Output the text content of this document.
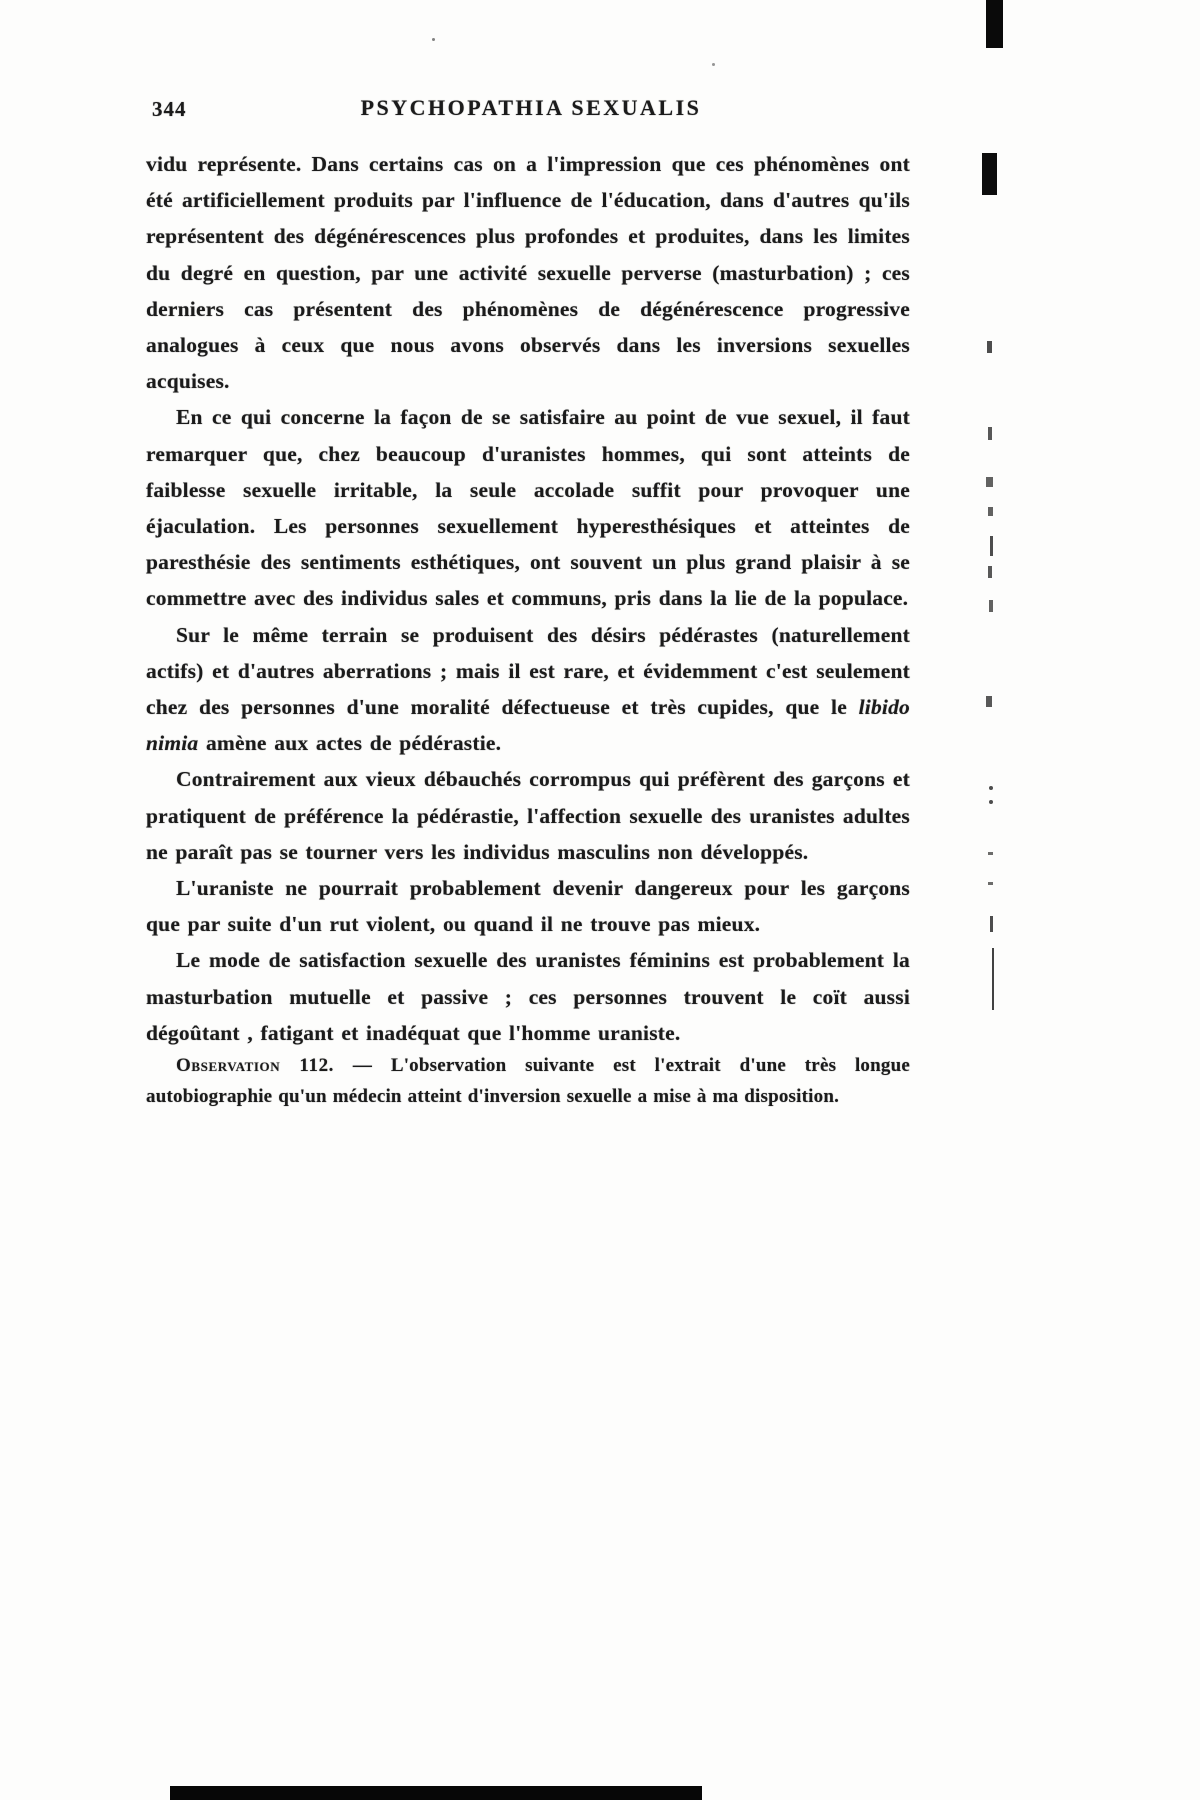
344	PSYCHOPATHIA SEXUALIS

vidu représente. Dans certains cas on a l'impression que ces phénomènes ont été artificiellement produits par l'influence de l'éducation, dans d'autres qu'ils représentent des dégénérescences plus profondes et produites, dans les limites du degré en question, par une activité sexuelle perverse (masturbation) ; ces derniers cas présentent des phénomènes de dégénérescence progressive analogues à ceux que nous avons observés dans les inversions sexuelles acquises.

En ce qui concerne la façon de se satisfaire au point de vue sexuel, il faut remarquer que, chez beaucoup d'uranistes hommes, qui sont atteints de faiblesse sexuelle irritable, la seule accolade suffit pour provoquer une éjaculation. Les personnes sexuellement hyperesthésiques et atteintes de paresthésie des sentiments esthétiques, ont souvent un plus grand plaisir à se commettre avec des individus sales et communs, pris dans la lie de la populace.

Sur le même terrain se produisent des désirs pédérastes (naturellement actifs) et d'autres aberrations ; mais il est rare, et évidemment c'est seulement chez des personnes d'une moralité défectueuse et très cupides, que le libido nimia amène aux actes de pédérastie.

Contrairement aux vieux débauchés corrompus qui préfèrent des garçons et pratiquent de préférence la pédérastie, l'affection sexuelle des uranistes adultes ne paraît pas se tourner vers les individus masculins non développés.

L'uraniste ne pourrait probablement devenir dangereux pour les garçons que par suite d'un rut violent, ou quand il ne trouve pas mieux.

Le mode de satisfaction sexuelle des uranistes féminins est probablement la masturbation mutuelle et passive ; ces personnes trouvent le coït aussi dégoûtant , fatigant et inadéquat que l'homme uraniste.

Observation 112. — L'observation suivante est l'extrait d'une très longue autobiographie qu'un médecin atteint d'inversion sexuelle a mise à ma disposition.
